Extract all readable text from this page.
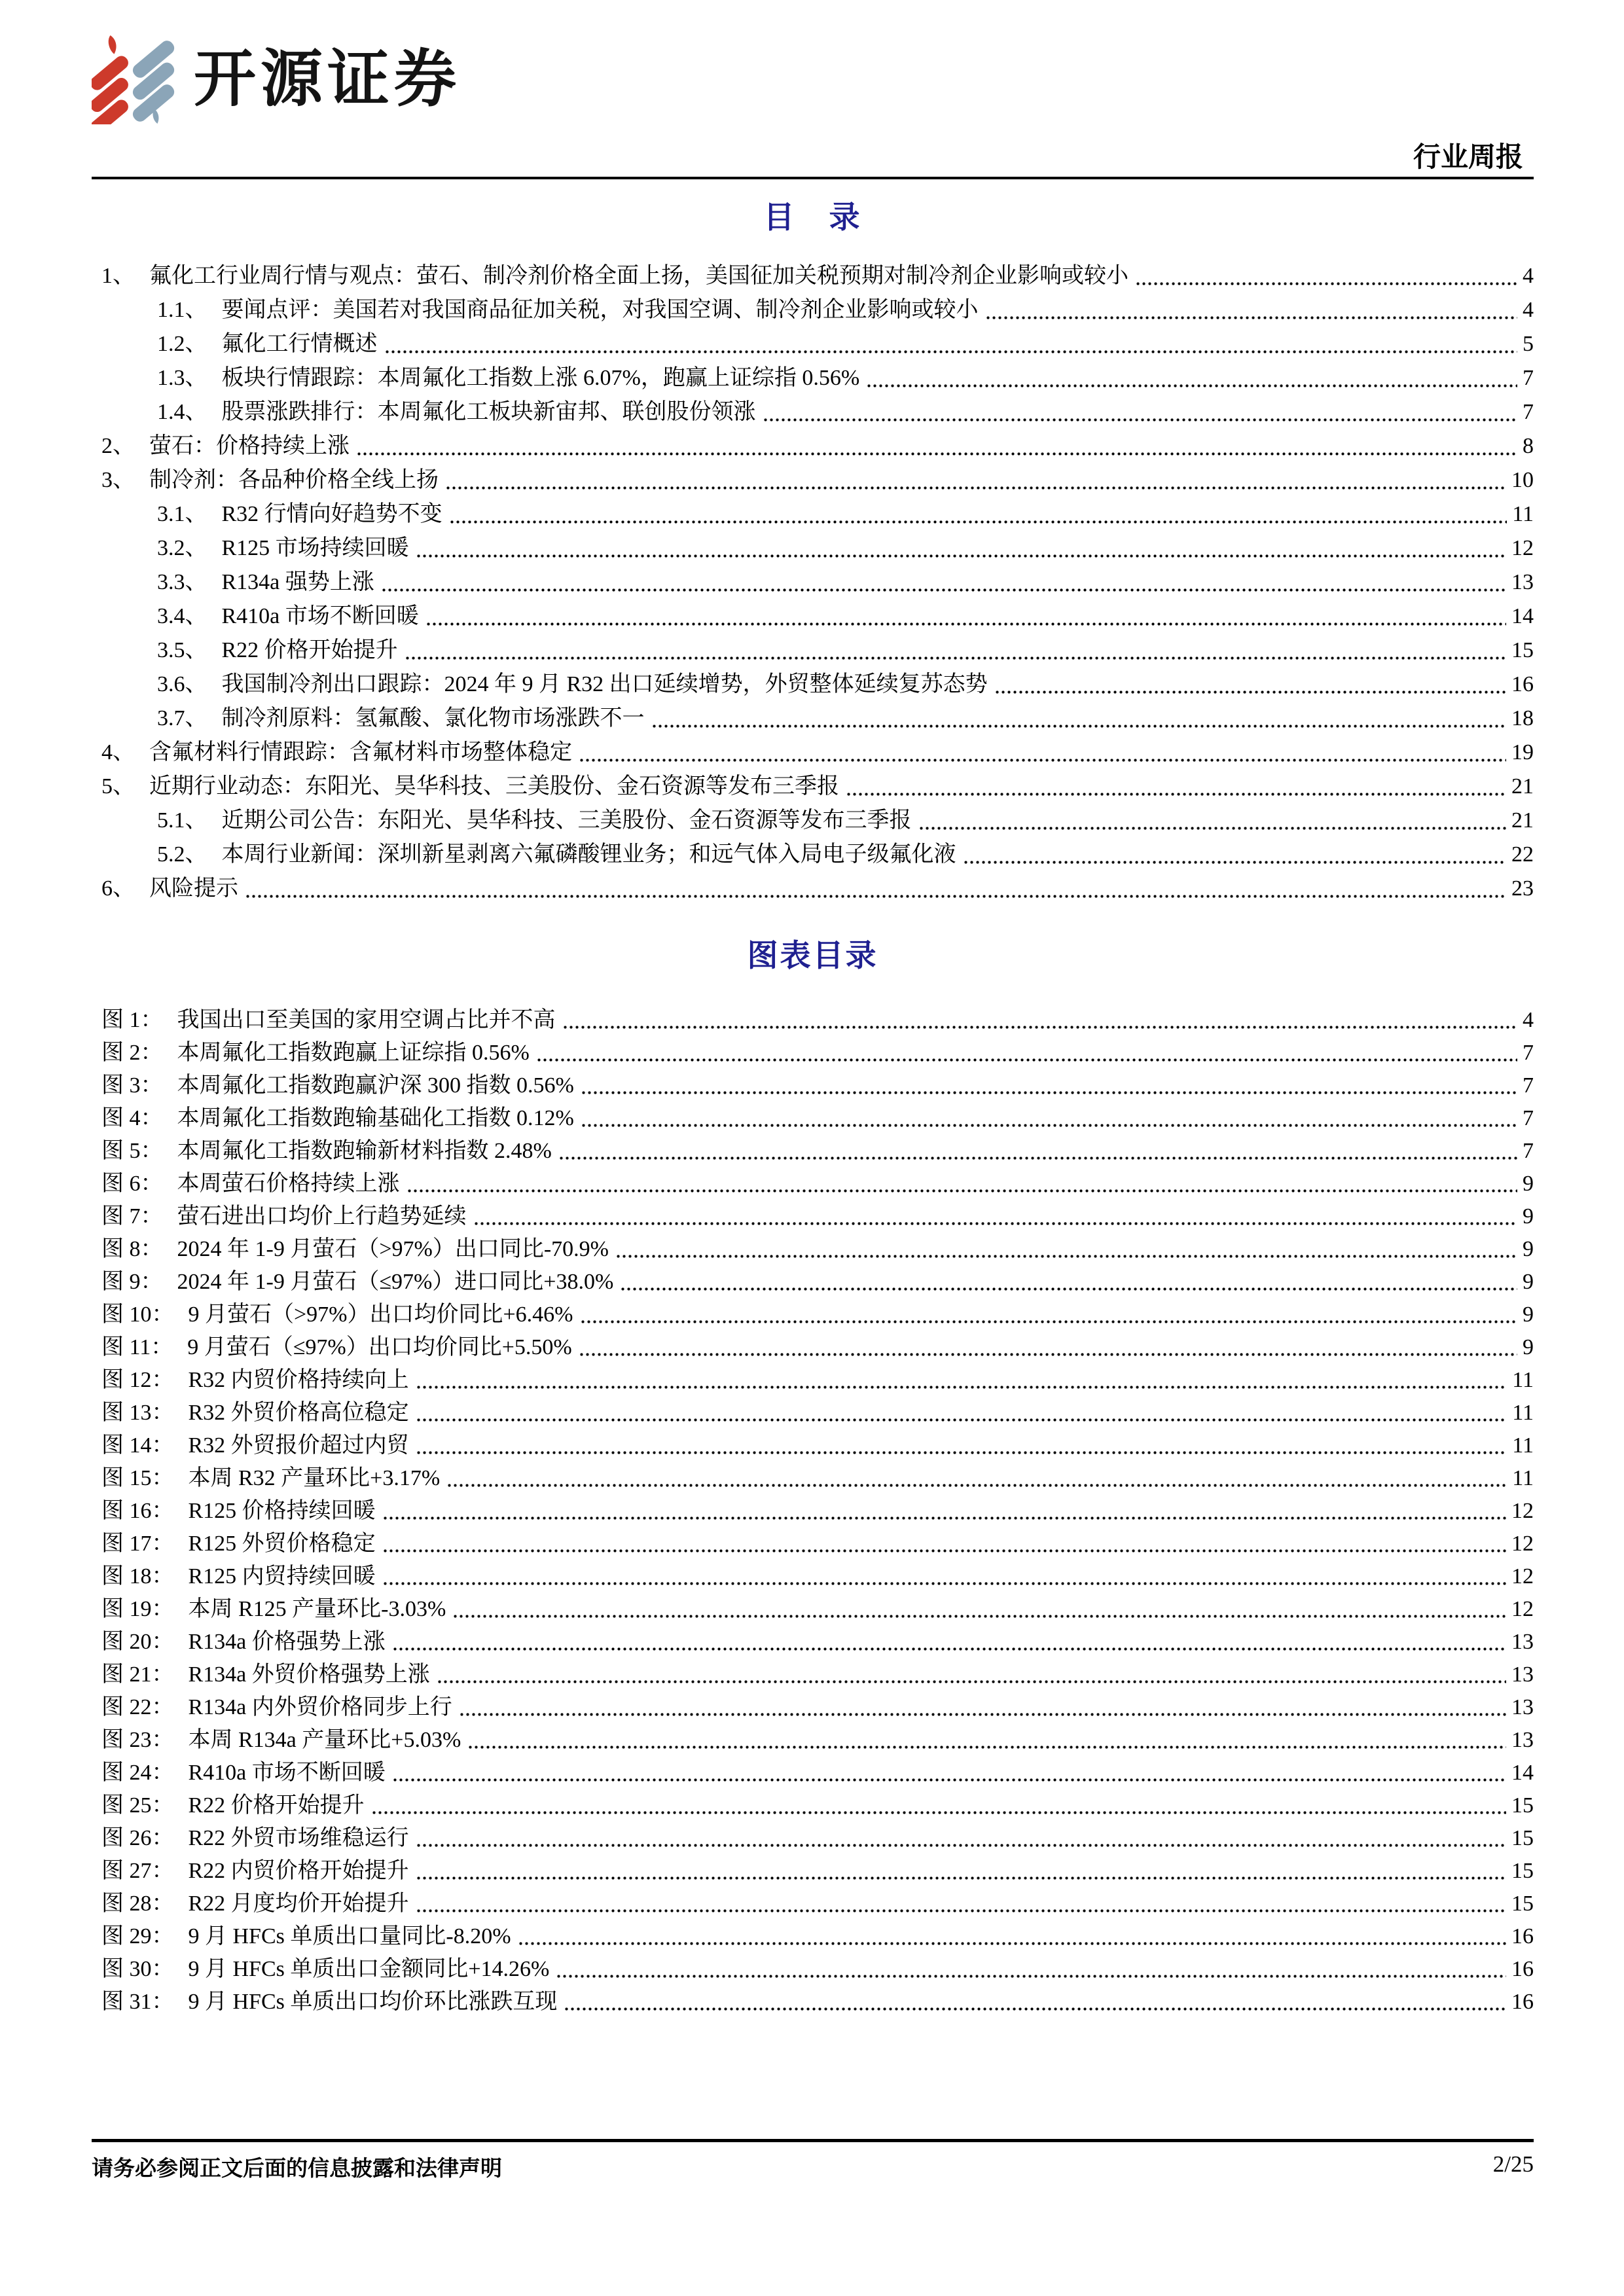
开源证券
行业周报
目　录
1、 氟化工行业周行情与观点：萤石、制冷剂价格全面上扬，美国征加关税预期对制冷剂企业影响或较小	4
1.1、 要闻点评：美国若对我国商品征加关税，对我国空调、制冷剂企业影响或较小	4
1.2、 氟化工行情概述	5
1.3、 板块行情跟踪：本周氟化工指数上涨 6.07%，跑赢上证综指 0.56%	7
1.4、 股票涨跌排行：本周氟化工板块新宙邦、联创股份领涨	7
2、 萤石：价格持续上涨	8
3、 制冷剂：各品种价格全线上扬	10
3.1、 R32 行情向好趋势不变	11
3.2、 R125 市场持续回暖	12
3.3、 R134a 强势上涨	13
3.4、 R410a 市场不断回暖	14
3.5、 R22 价格开始提升	15
3.6、 我国制冷剂出口跟踪：2024 年 9 月 R32 出口延续增势，外贸整体延续复苏态势	16
3.7、 制冷剂原料：氢氟酸、氯化物市场涨跌不一	18
4、 含氟材料行情跟踪：含氟材料市场整体稳定	19
5、 近期行业动态：东阳光、昊华科技、三美股份、金石资源等发布三季报	21
5.1、 近期公司公告：东阳光、昊华科技、三美股份、金石资源等发布三季报	21
5.2、 本周行业新闻：深圳新星剥离六氟磷酸锂业务；和远气体入局电子级氟化液	22
6、 风险提示	23
图表目录
图 1： 我国出口至美国的家用空调占比并不高	4
图 2： 本周氟化工指数跑赢上证综指 0.56%	7
图 3： 本周氟化工指数跑赢沪深 300 指数 0.56%	7
图 4： 本周氟化工指数跑输基础化工指数 0.12%	7
图 5： 本周氟化工指数跑输新材料指数 2.48%	7
图 6： 本周萤石价格持续上涨	9
图 7： 萤石进出口均价上行趋势延续	9
图 8： 2024 年 1-9 月萤石（>97%）出口同比-70.9%	9
图 9： 2024 年 1-9 月萤石（≤97%）进口同比+38.0%	9
图 10： 9 月萤石（>97%）出口均价同比+6.46%	9
图 11： 9 月萤石（≤97%）出口均价同比+5.50%	9
图 12： R32 内贸价格持续向上	11
图 13： R32 外贸价格高位稳定	11
图 14： R32 外贸报价超过内贸	11
图 15： 本周 R32 产量环比+3.17%	11
图 16： R125 价格持续回暖	12
图 17： R125 外贸价格稳定	12
图 18： R125 内贸持续回暖	12
图 19： 本周 R125 产量环比-3.03%	12
图 20： R134a 价格强势上涨	13
图 21： R134a 外贸价格强势上涨	13
图 22： R134a 内外贸价格同步上行	13
图 23： 本周 R134a 产量环比+5.03%	13
图 24： R410a 市场不断回暖	14
图 25： R22 价格开始提升	15
图 26： R22 外贸市场维稳运行	15
图 27： R22 内贸价格开始提升	15
图 28： R22 月度均价开始提升	15
图 29： 9 月 HFCs 单质出口量同比-8.20%	16
图 30： 9 月 HFCs 单质出口金额同比+14.26%	16
图 31： 9 月 HFCs 单质出口均价环比涨跌互现	16
请务必参阅正文后面的信息披露和法律声明	2/25
